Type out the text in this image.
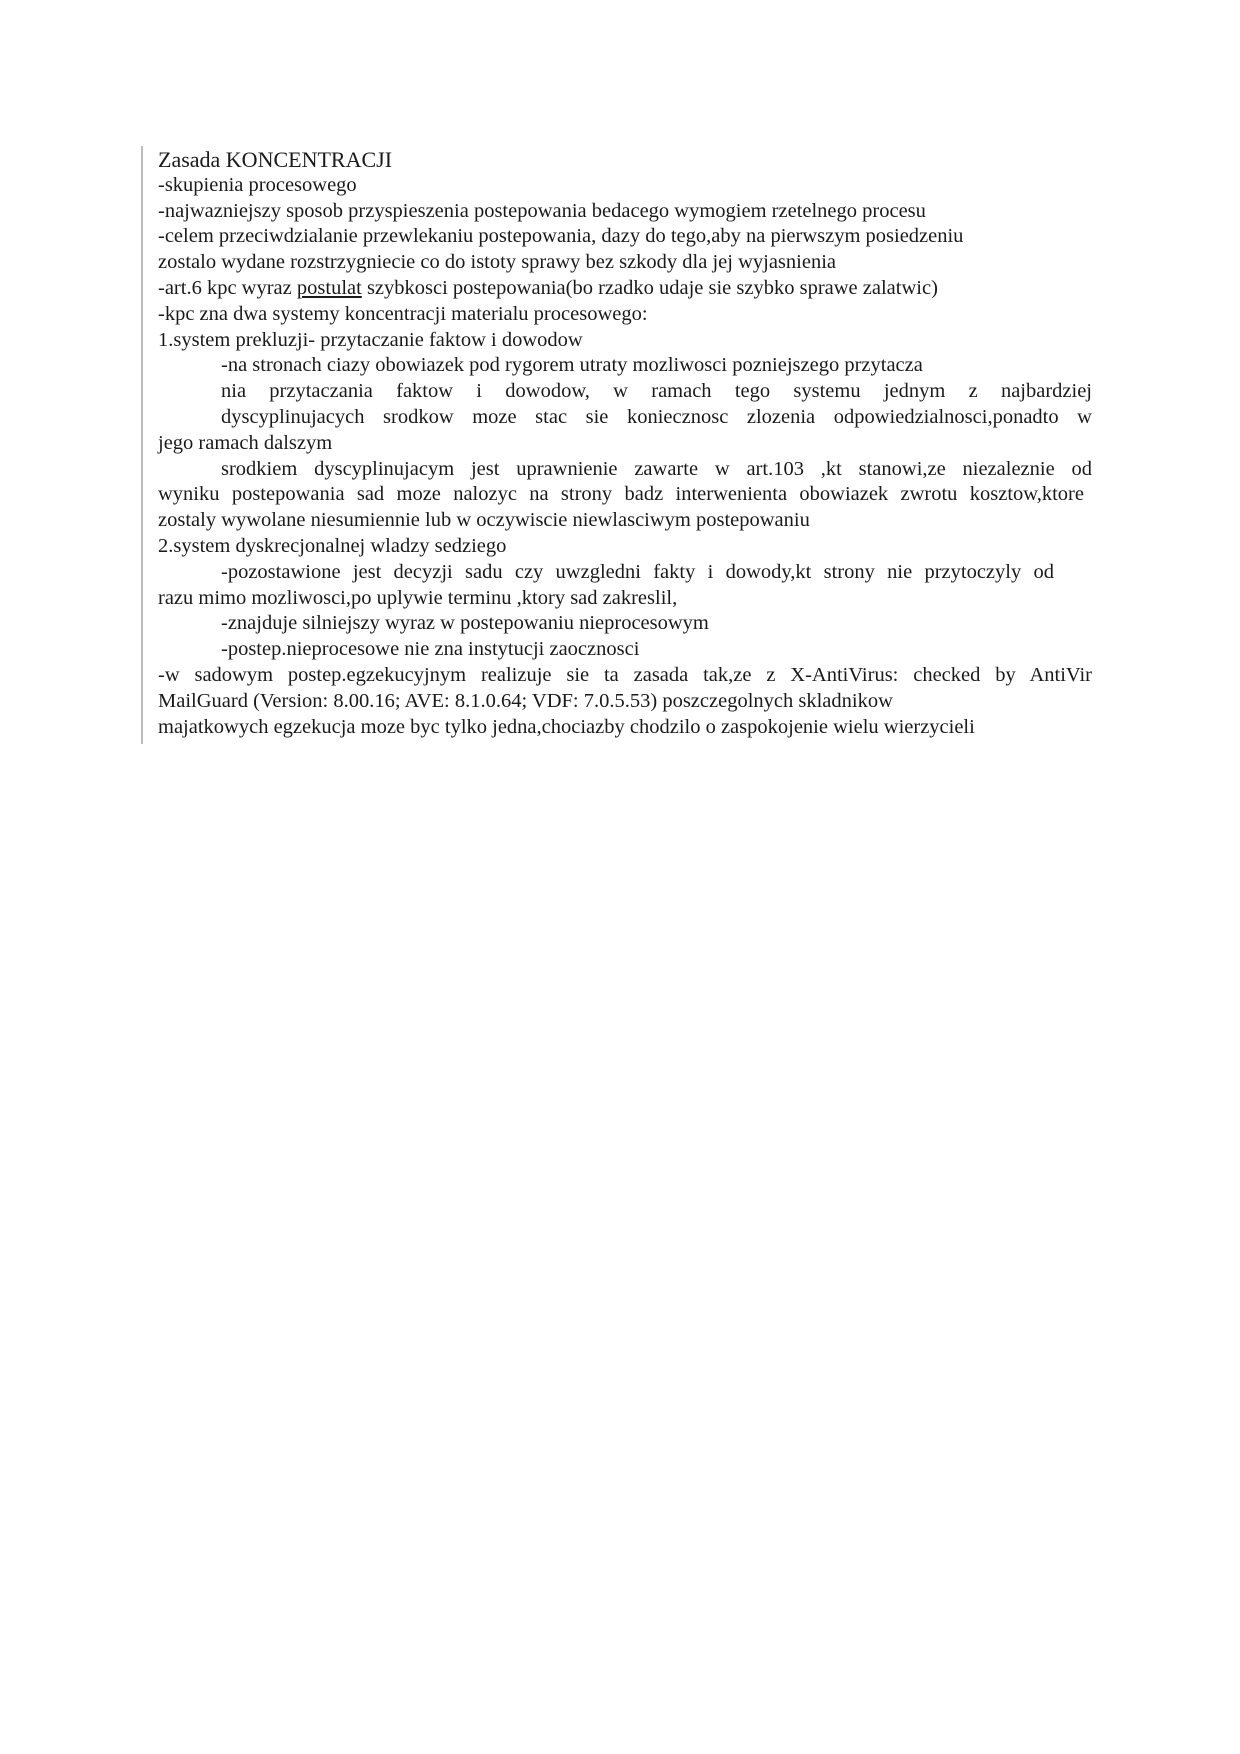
Zasada KONCENTRACJI
-skupienia procesowego
-najwazniejszy sposob przyspieszenia postepowania bedacego wymogiem rzetelnego procesu
-celem przeciwdzialanie przewlekaniu postepowania, dazy do tego,aby na pierwszym posiedzeniu
zostalo wydane rozstrzygniecie co do istoty sprawy bez szkody dla jej wyjasnienia
-art.6 kpc wyraz postulat szybkosci postepowania(bo rzadko udaje sie szybko sprawe zalatwic)
-kpc zna dwa systemy koncentracji materialu procesowego:
1.system prekluzji- przytaczanie faktow i dowodow
-na stronach ciazy obowiazek pod rygorem utraty mozliwosci pozniejszego przytacza
nia przytaczania faktow i dowodow, w ramach tego systemu jednym z najbardziej
dyscyplinujacych srodkow moze stac sie koniecznosc zlozenia odpowiedzialnosci,ponadto w
jego ramach dalszym
srodkiem dyscyplinujacym jest uprawnienie zawarte w art.103 ,kt stanowi,ze niezaleznie od
wyniku postepowania sad moze nalozyc na strony badz interwenienta obowiazek zwrotu kosztow,ktore
zostaly wywolane niesumiennie lub w oczywiscie niewlasciwym postepowaniu
2.system dyskrecjonalnej wladzy sedziego
-pozostawione jest decyzji sadu czy uwzgledni fakty i dowody,kt strony nie przytoczyly od
razu mimo mozliwosci,po uplywie terminu ,ktory sad zakreslil,
-znajduje silniejszy wyraz w postepowaniu nieprocesowym
-postep.nieprocesowe nie zna instytucji zaocznosci
-w sadowym postep.egzekucyjnym realizuje sie ta zasada tak,ze z X-AntiVirus: checked by AntiVir
MailGuard (Version: 8.00.16; AVE: 8.1.0.64; VDF: 7.0.5.53) poszczegolnych skladnikow
majatkowych egzekucja moze byc tylko jedna,chociazby chodzilo o zaspokojenie wielu wierzycieli
